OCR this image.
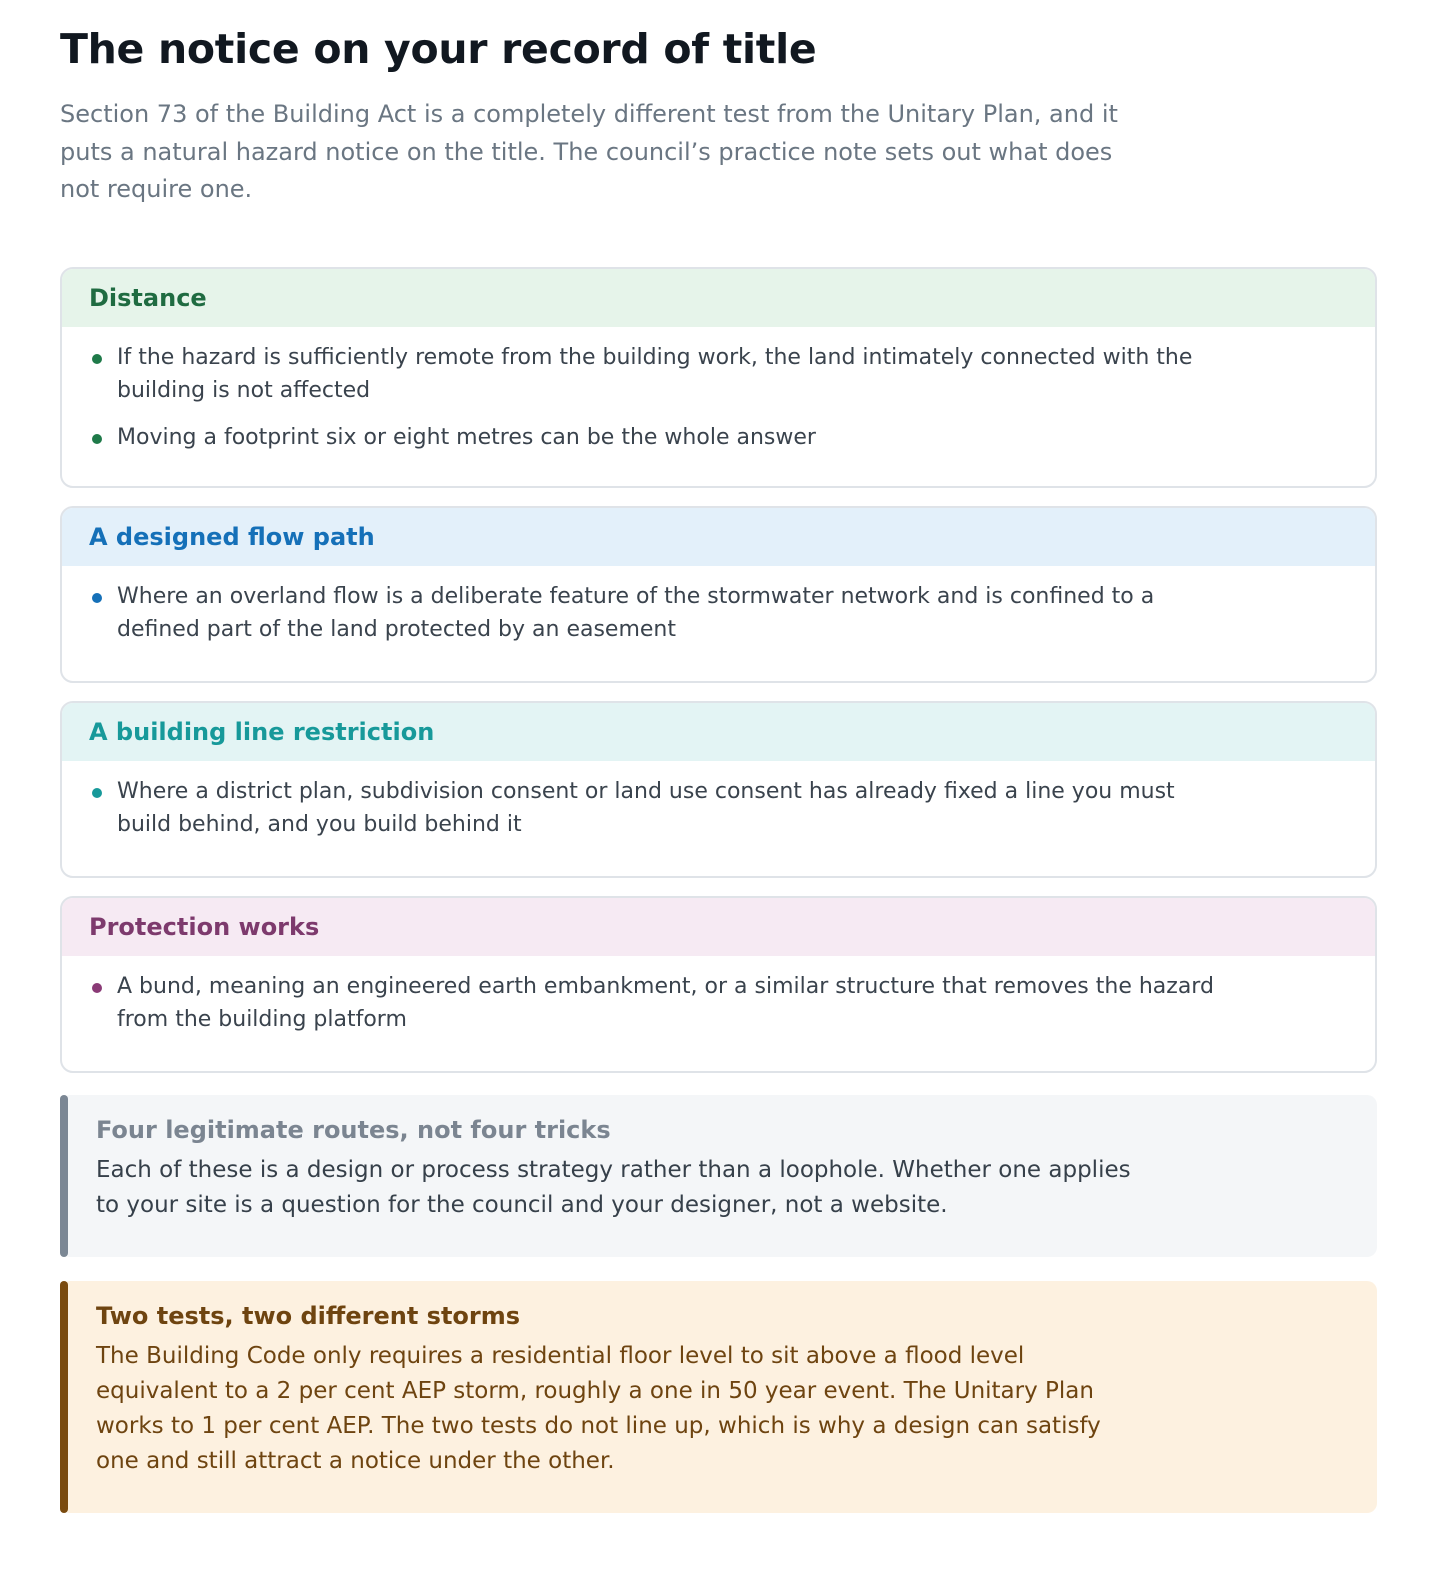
The notice on your record of title

Section 73 of the Building Act is a completely different test from the Unitary Plan, and it puts a natural hazard notice on the title. The council’s practice note sets out what does not require one.

Distance
If the hazard is sufficiently remote from the building work, the land intimately connected with the building is not affected
Moving a footprint six or eight metres can be the whole answer
A designed flow path
Where an overland flow is a deliberate feature of the stormwater network and is confined to a defined part of the land protected by an easement
A building line restriction
Where a district plan, subdivision consent or land use consent has already fixed a line you must build behind, and you build behind it
Protection works
A bund, meaning an engineered earth embankment, or a similar structure that removes the hazard from the building platform
Four legitimate routes, not four tricks

Each of these is a design or process strategy rather than a loophole. Whether one applies to your site is a question for the council and your designer, not a website.

Two tests, two different storms

The Building Code only requires a residential floor level to sit above a flood level equivalent to a 2 per cent AEP storm, roughly a one in 50 year event. The Unitary Plan works to 1 per cent AEP. The two tests do not line up, which is why a design can satisfy one and still attract a notice under the other.
